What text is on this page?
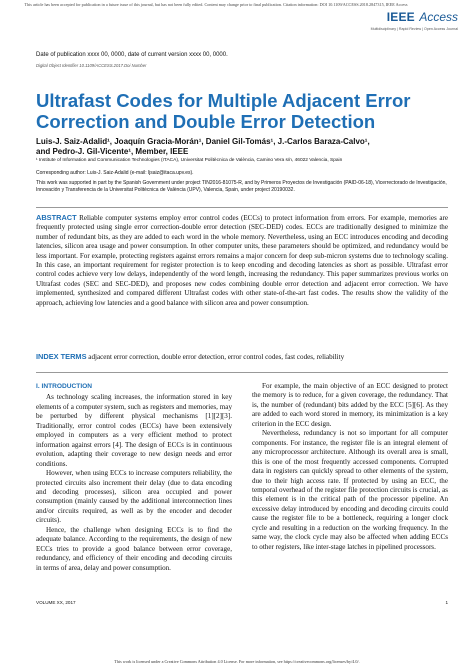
This article has been accepted for publication in a future issue of this journal, but has not been fully edited. Content may change prior to final publication. Citation information: DOI 10.1109/ACCESS.2018.2847315, IEEE Access
IEEE Access
Multidisciplinary | Rapid Review | Open Access Journal
Date of publication xxxx 00, 0000, date of current version xxxx 00, 0000.
Digital Object Identifier 10.1109/ACCESS.2017.Doi Number
Ultrafast Codes for Multiple Adjacent Error Correction and Double Error Detection
Luis-J. Saiz-Adalid¹, Joaquín Gracia-Morán¹, Daniel Gil-Tomás¹, J.-Carlos Baraza-Calvo¹,
and Pedro-J. Gil-Vicente¹, Member, IEEE
¹ Institute of Information and Communication Technologies (ITACA), Universitat Politècnica de València, Camino Vera s/n, 46022 Valencia, Spain
Corresponding author: Luis-J. Saiz-Adalid (e-mail: ljsaiz@itaca.upv.es).
This work was supported in part by the Spanish Government under project TIN2016-81075-R, and by Primeros Proyectos de Investigación (PAID-06-18), Vicerrectorado de Investigación, Innovación y Transferencia de la Universitat Politècnica de València (UPV), Valencia, Spain, under project 20190032.
ABSTRACT Reliable computer systems employ error control codes (ECCs) to protect information from errors. For example, memories are frequently protected using single error correction-double error detection (SEC-DED) codes. ECCs are traditionally designed to minimize the number of redundant bits, as they are added to each word in the whole memory. Nevertheless, using an ECC introduces encoding and decoding latencies, silicon area usage and power consumption. In other computer units, these parameters should be optimized, and redundancy would be less important. For example, protecting registers against errors remains a major concern for deep sub-micron systems due to technology scaling. In this case, an important requirement for register protection is to keep encoding and decoding latencies as short as possible. Ultrafast error control codes achieve very low delays, independently of the word length, increasing the redundancy. This paper summarizes previous works on Ultrafast codes (SEC and SEC-DED), and proposes new codes combining double error detection and adjacent error correction. We have implemented, synthesized and compared different Ultrafast codes with other state-of-the-art fast codes. The results show the validity of the approach, achieving low latencies and a good balance with silicon area and power consumption.
INDEX TERMS adjacent error correction, double error detection, error control codes, fast codes, reliability
I. INTRODUCTION

As technology scaling increases, the information stored in key elements of a computer system, such as registers and memories, may be perturbed by different physical mechanisms [1][2][3]. Traditionally, error control codes (ECCs) have been extensively employed in computers as a very efficient method to protect information against errors [4]. The design of ECCs is in continuous evolution, adapting their coverage to new design needs and error conditions.

However, when using ECCs to increase computers reliability, the protected circuits also increment their delay (due to data encoding and decoding processes), silicon area occupied and power consumption (mainly caused by the additional interconnection lines and/or circuits required, as well as by the encoder and decoder circuits).

Hence, the challenge when designing ECCs is to find the adequate balance. According to the requirements, the design of new ECCs tries to provide a good balance between error coverage, redundancy, and efficiency of their encoding and decoding circuits in terms of area, delay and power consumption.

For example, the main objective of an ECC designed to protect the memory is to reduce, for a given coverage, the redundancy. That is, the number of (redundant) bits added by the ECC [5][6]. As they are added to each word stored in memory, its minimization is a key criterion in the ECC design.

Nevertheless, redundancy is not so important for all computer components. For instance, the register file is an integral element of any microprocessor architecture. Although its overall area is small, this is one of the most frequently accessed components. Corrupted data in registers can quickly spread to other elements of the system, due to their high access rate. If protected by using an ECC, the temporal overhead of the register file protection circuits is crucial, as this element is in the critical path of the processor pipeline. An excessive delay introduced by encoding and decoding circuits could cause the register file to be a bottleneck, requiring a longer clock cycle and resulting in a reduction on the working frequency. In the same way, the clock cycle may also be affected when adding ECCs to other registers, like inter-stage latches in pipelined processors.

VOLUME XX, 2017	1
This work is licensed under a Creative Commons Attribution 4.0 License. For more information, see https://creativecommons.org/licenses/by/4.0/.
